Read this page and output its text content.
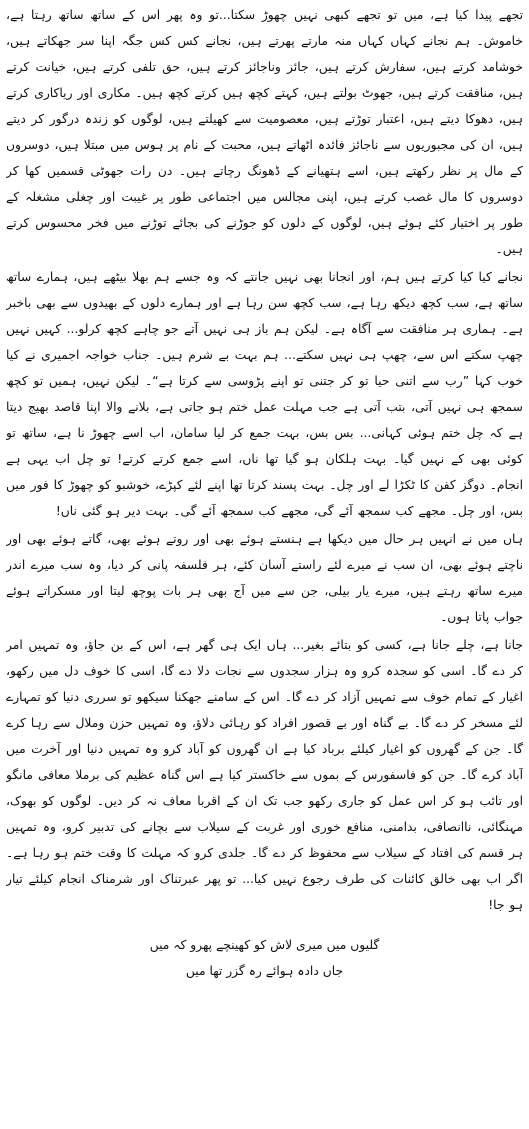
تجھے پیدا کیا ہے، میں تو تجھے کبھی نہیں چھوڑ سکتا...تو وہ پھر اس کے ساتھ ساتھ رہتا ہے، خاموش۔ ہم نجانے کہاں کہاں منہ مارتے پھرتے ہیں، نجانے کس کس جگہ اپنا سر جھکاتے ہیں، خوشامد کرتے ہیں، سفارش کرتے ہیں، جائز وناجائز کرتے ہیں، حق تلفی کرتے ہیں، خیانت کرتے ہیں، منافقت کرتے ہیں، جھوٹ بولتے ہیں، کہتے کچھ ہیں کرتے کچھ ہیں۔ مکاری اور ریاکاری کرتے ہیں، دھوکا دیتے ہیں، اعتبار توڑتے ہیں، معصومیت سے کھیلتے ہیں، لوگوں کو زندہ درگور کر دیتے ہیں، ان کی مجبوریوں سے ناجائز فائدہ اٹھاتے ہیں، محبت کے نام پر ہوس میں مبتلا ہیں، دوسروں کے مال پر نظر رکھتے ہیں، اسے ہتھیانے کے ڈھونگ رچاتے ہیں۔ دن رات جھوٹی قسمیں کھا کر دوسروں کا مال غصب کرتے ہیں، اپنی مجالس میں اجتماعی طور پر غیبت اور چغلی مشغلہ کے طور پر اختیار کئے ہوئے ہیں، لوگوں کے دلوں کو جوڑنے کی بجائے توڑنے میں فخر محسوس کرتے ہیں۔

نجانے کیا کیا کرتے ہیں ہم، اور انجانا بھی نہیں جانتے کہ وہ جسے ہم بھلا بیٹھے ہیں، ہمارے ساتھ ساتھ ہے، سب کچھ دیکھ رہا ہے، سب کچھ سن رہا ہے اور ہمارے دلوں کے بھیدوں سے بھی باخبر ہے۔ ہماری ہر منافقت سے آگاہ ہے۔ لیکن ہم باز ہی نہیں آتے جو چاہے کچھ کرلو... کہیں نہیں چھپ سکتے اس سے، چھپ ہی نہیں سکتے... ہم بہت بے شرم ہیں۔ جناب خواجہ اجمیری نے کیا خوب کہا ”رب سے اتنی حیا تو کر جتنی تو اپنے پڑوسی سے کرتا ہے“۔ لیکن نہیں، ہمیں تو کچھ سمجھ ہی نہیں آتی، بتب آتی ہے جب مہلت عمل ختم ہو جاتی ہے، بلانے والا اپنا قاصد بھیج دیتا ہے کہ چل ختم ہوئی کہانی... بس بس، بہت جمع کر لیا سامان، اب اسے چھوڑ نا ہے، ساتھ تو کوئی بھی کے نہیں گیا۔ بہت ہلکان ہو گیا تھا ناں، اسے جمع کرتے کرتے! تو چل اب یہی ہے انجام۔ دوگز کفن کا ٹکڑا لے اور چل۔ بہت پسند کرتا تھا اپنے لئے کپڑے، خوشبو کو چھوڑ کا فور میں بس، اور چل۔ مجھے کب سمجھ آئے گی، مجھے کب سمجھ آئے گی۔ بہت دیر ہو گئی ناں!

ہاں میں نے انہیں ہر حال میں دیکھا ہے ہنستے ہوئے بھی اور روتے ہوئے بھی، گاتے ہوئے بھی اور ناچتے ہوئے بھی، ان سب نے میرے لئے راستے آسان کئے، ہر فلسفہ پانی کر دیا، وہ سب میرے اندر میرے ساتھ رہتے ہیں، میرے یار بیلی، جن سے میں آج بھی ہر بات پوچھ لیتا اور مسکراتے ہوئے جواب پاتا ہوں۔

جانا ہے، چلے جانا ہے، کسی کو بتائے بغیر... ہاں ایک ہی گھر ہے، اس کے بن جاؤ، وہ تمہیں امر کر دے گا۔ اسی کو سجدہ کرو وہ ہزار سجدوں سے نجات دلا دے گا، اسی کا خوف دل میں رکھو، اغیار کے تمام خوف سے تمہیں آزاد کر دے گا۔ اس کے سامنے جھکنا سیکھو تو سرری دنیا کو تمہارے لئے مسخر کر دے گا۔ بے گناہ اور بے قصور افراد کو رہائی دلاؤ، وہ تمہیں حزن وملال سے رہا کرے گا۔ جن کے گھروں کو اغیار کیلئے برباد کیا ہے ان گھروں کو آباد کرو وہ تمہیں دنیا اور آخرت میں آباد کرے گا۔ جن کو فاسفورس کے بموں سے خاکستر کیا ہے اس گناہ عظیم کی برملا معافی مانگو اور تائب ہو کر اس عمل کو جاری رکھو جب تک ان کے اقربا معاف نہ کر دیں۔ لوگوں کو بھوک، مہنگائی، ناانصافی، بدامنی، منافع خوری اور غربت کے سیلاب سے بچانے کی تدبیر کرو، وہ تمہیں ہر قسم کی افتاد کے سیلاب سے محفوظ کر دے گا۔ جلدی کرو کہ مہلت کا وقت ختم ہو رہا ہے۔ اگر اب بھی خالق کائنات کی طرف رجوع نہیں کیا... تو پھر عبرتناک اور شرمناک انجام کیلئے تیار ہو جا!

گلیوں میں میری لاش کو کھینچے پھرو کہ میں
جاں دادہ ہوائے رہ گزر تھا میں
